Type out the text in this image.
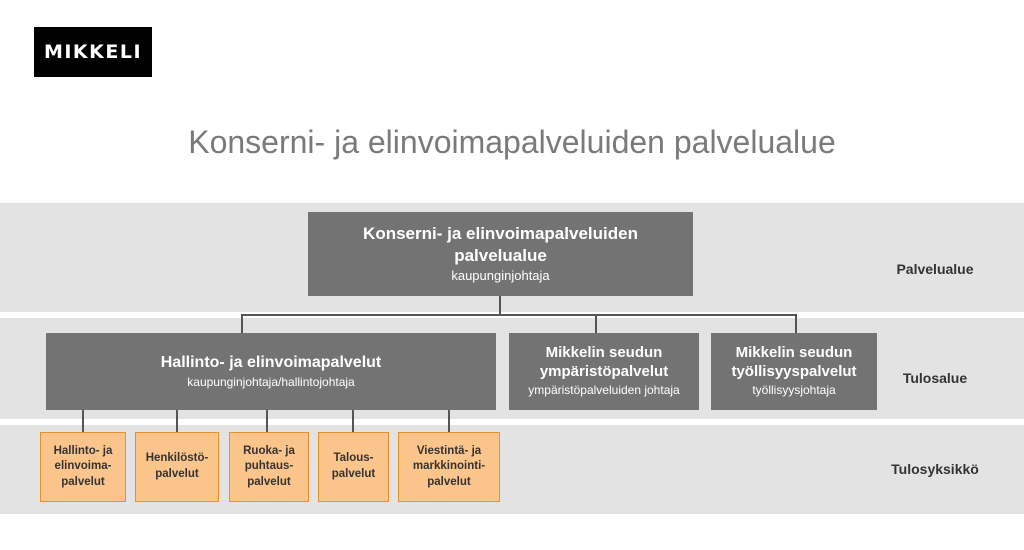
MIKKELI
Konserni- ja elinvoimapalveluiden palvelualue
Palvelualue
Tulosalue
Tulosyksikkö
Konserni- ja elinvoimapalveluiden
palvelualue
kaupunginjohtaja
Hallinto- ja elinvoimapalvelut
kaupunginjohtaja/hallintojohtaja
Mikkelin seudun
ympäristöpalvelut
ympäristöpalveluiden johtaja
Mikkelin seudun
työllisyyspalvelut
työllisyysjohtaja
Hallinto- ja
elinvoima-
palvelut
Henkilöstö-
palvelut
Ruoka- ja
puhtaus-
palvelut
Talous-
palvelut
Viestintä- ja
markkinointi-
palvelut
